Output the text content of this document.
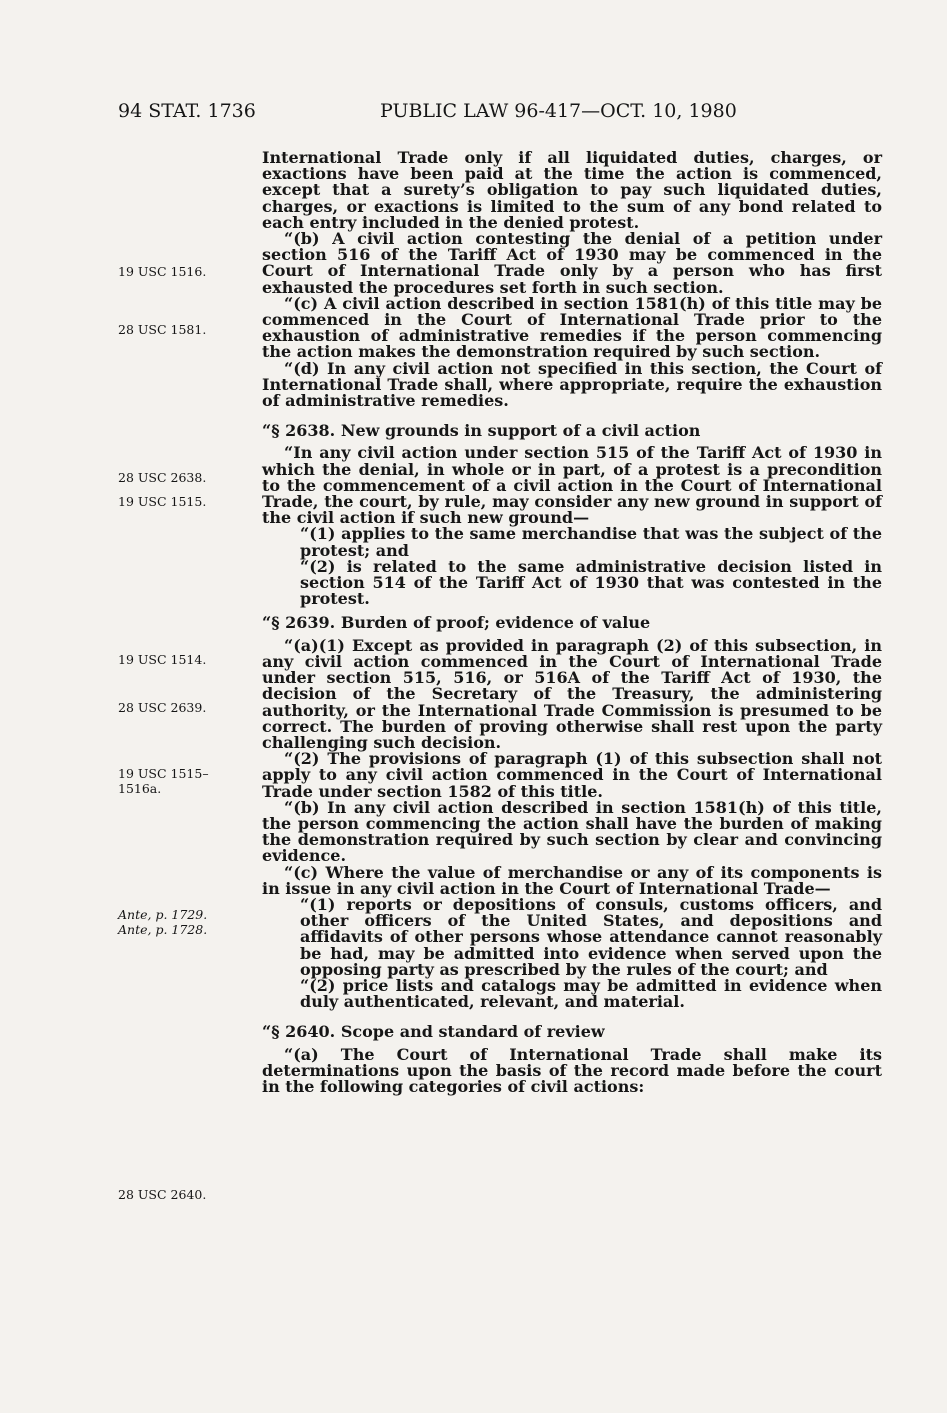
94 STAT. 1736	PUBLIC LAW 96-417—OCT. 10, 1980
19 USC 1516.
28 USC 1581.
28 USC 2638.
19 USC 1515.
19 USC 1514.
28 USC 2639.
19 USC 1515–
1516a.
Ante, p. 1729.
Ante, p. 1728.
28 USC 2640.

International Trade only if all liquidated duties, charges, or exactions have been paid at the time the action is commenced, except that a surety’s obligation to pay such liquidated duties, charges, or exactions is limited to the sum of any bond related to each entry included in the denied protest.

“(b) A civil action contesting the denial of a petition under section 516 of the Tariff Act of 1930 may be commenced in the Court of International Trade only by a person who has first exhausted the procedures set forth in such section.

“(c) A civil action described in section 1581(h) of this title may be commenced in the Court of International Trade prior to the exhaustion of administrative remedies if the person commencing the action makes the demonstration required by such section.

“(d) In any civil action not specified in this section, the Court of International Trade shall, where appropriate, require the exhaustion of administrative remedies.

“§ 2638. New grounds in support of a civil action

“In any civil action under section 515 of the Tariff Act of 1930 in which the denial, in whole or in part, of a protest is a precondition to the commencement of a civil action in the Court of International Trade, the court, by rule, may consider any new ground in support of the civil action if such new ground—

“(1) applies to the same merchandise that was the subject of the protest; and

“(2) is related to the same administrative decision listed in section 514 of the Tariff Act of 1930 that was contested in the protest.

“§ 2639. Burden of proof; evidence of value

“(a)(1) Except as provided in paragraph (2) of this subsection, in any civil action commenced in the Court of International Trade under section 515, 516, or 516A of the Tariff Act of 1930, the decision of the Secretary of the Treasury, the administering authority, or the International Trade Commission is presumed to be correct. The burden of proving otherwise shall rest upon the party challenging such decision.

“(2) The provisions of paragraph (1) of this subsection shall not apply to any civil action commenced in the Court of International Trade under section 1582 of this title.

“(b) In any civil action described in section 1581(h) of this title, the person commencing the action shall have the burden of making the demonstration required by such section by clear and convincing evidence.

“(c) Where the value of merchandise or any of its components is in issue in any civil action in the Court of International Trade—

“(1) reports or depositions of consuls, customs officers, and other officers of the United States, and depositions and affidavits of other persons whose attendance cannot reasonably be had, may be admitted into evidence when served upon the opposing party as prescribed by the rules of the court; and

“(2) price lists and catalogs may be admitted in evidence when duly authenticated, relevant, and material.

“§ 2640. Scope and standard of review

“(a) The Court of International Trade shall make its determinations upon the basis of the record made before the court in the following categories of civil actions:
